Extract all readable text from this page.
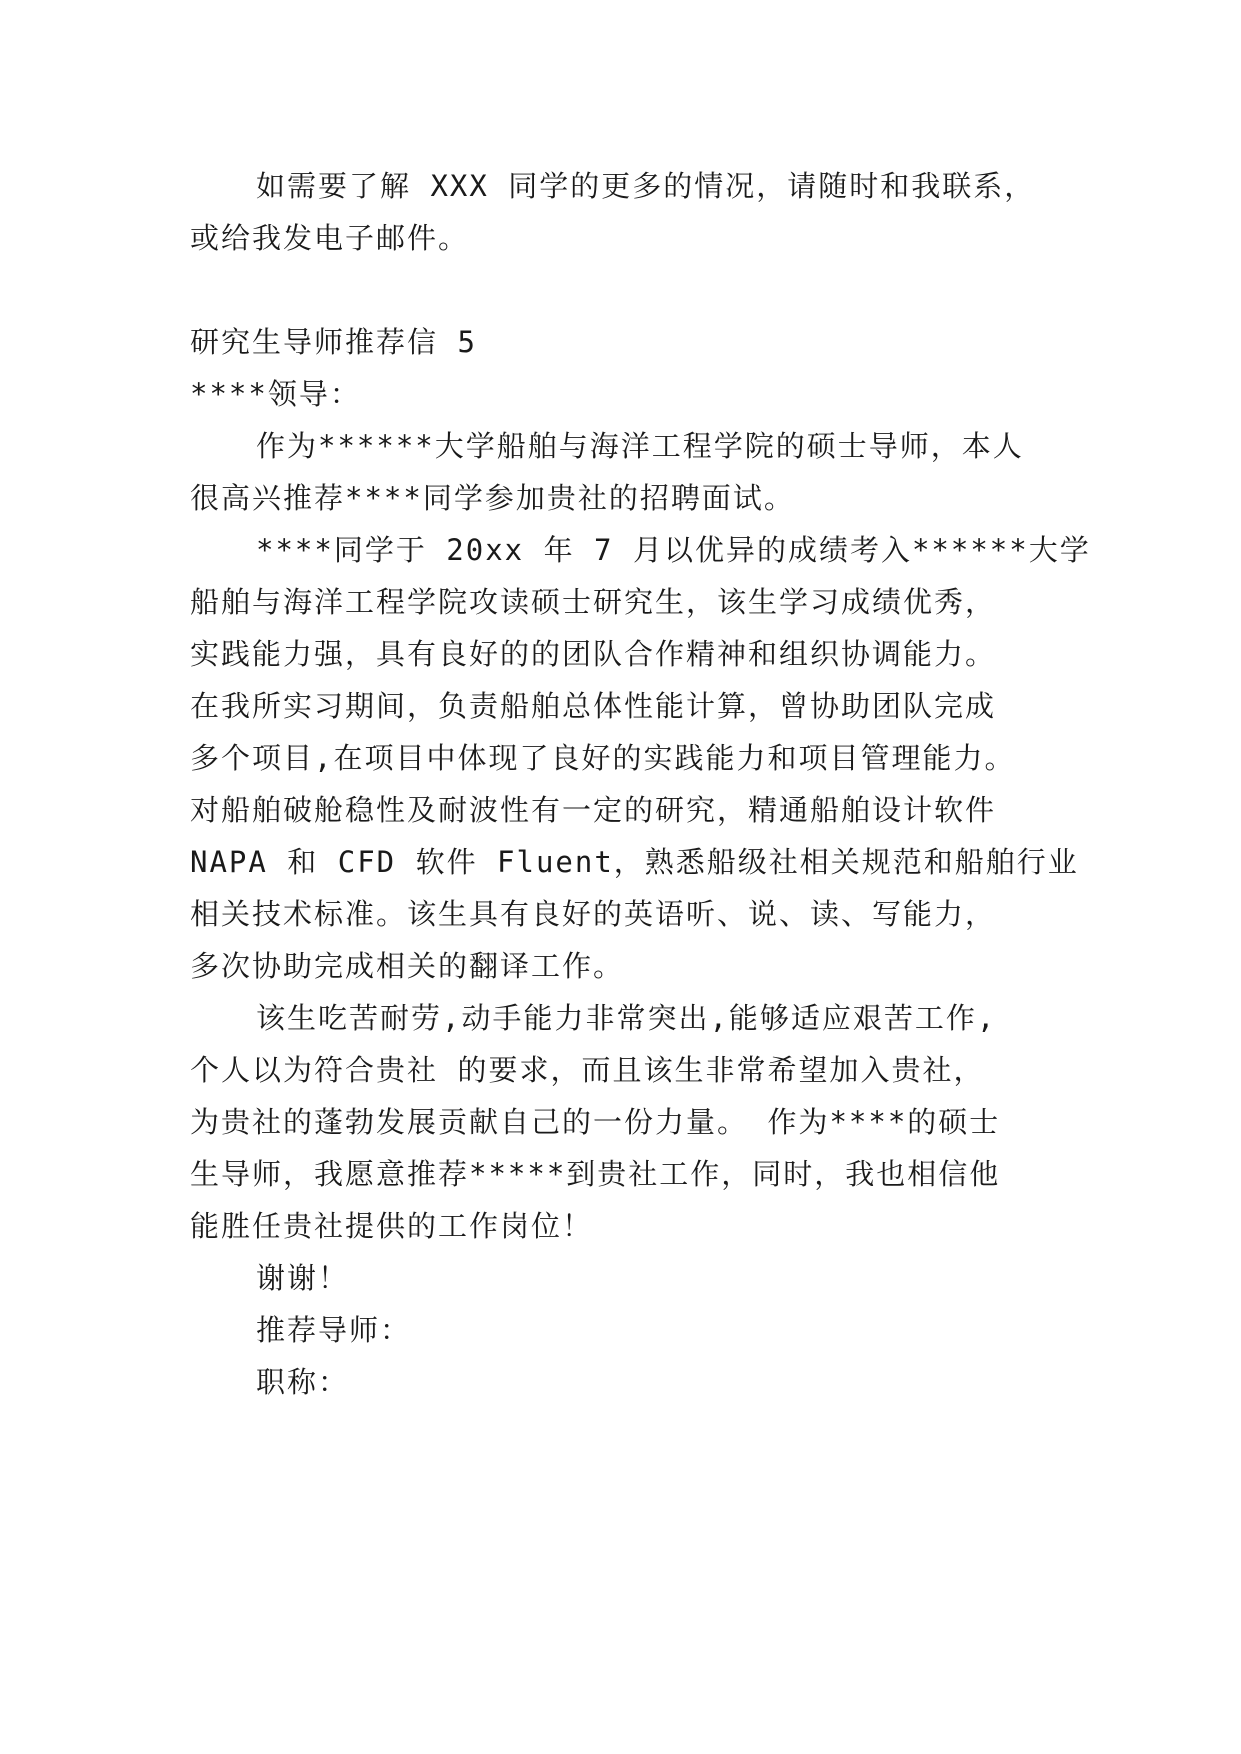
如需要了解 XXX 同学的更多的情况，请随时和我联系，
或给我发电子邮件。
研究生导师推荐信 5
****领导：
作为******大学船舶与海洋工程学院的硕士导师，本人
很高兴推荐****同学参加贵社的招聘面试。
****同学于 20xx 年 7 月以优异的成绩考入******大学
船舶与海洋工程学院攻读硕士研究生，该生学习成绩优秀，
实践能力强，具有良好的的团队合作精神和组织协调能力。
在我所实习期间，负责船舶总体性能计算，曾协助团队完成
多个项目,在项目中体现了良好的实践能力和项目管理能力。
对船舶破舱稳性及耐波性有一定的研究，精通船舶设计软件
NAPA 和 CFD 软件 Fluent，熟悉船级社相关规范和船舶行业
相关技术标准。该生具有良好的英语听、说、读、写能力，
多次协助完成相关的翻译工作。
该生吃苦耐劳,动手能力非常突出,能够适应艰苦工作,
个人以为符合贵社 的要求，而且该生非常希望加入贵社，
为贵社的蓬勃发展贡献自己的一份力量。 作为****的硕士
生导师，我愿意推荐*****到贵社工作，同时，我也相信他
能胜任贵社提供的工作岗位！
谢谢！
推荐导师：
职称：
